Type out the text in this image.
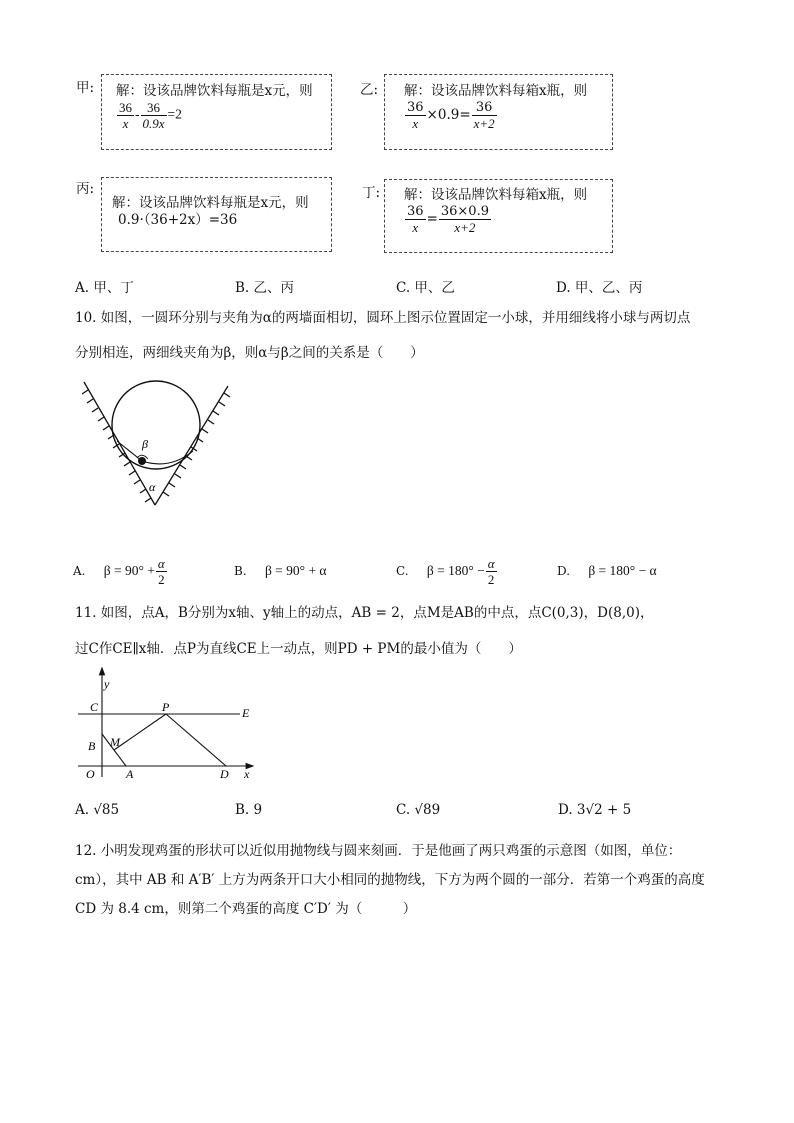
甲: 解：设该品牌饮料每瓶是x元，则
$\frac{36}{x} - \frac{36}{0.9x} =2$
乙: 解：设该品牌饮料每箱x瓶，则
$\frac{36}{x} \times 0.9= \frac{36}{x+2}$
丙:
解：设该品牌饮料每瓶是x元，则
0.9·（36+2x）=36
丁: 解：设该品牌饮料每箱x瓶，则
$\frac{36}{x} = \frac{36\times 0.9}{x+2}$
A. 甲、丁	B. 乙、丙	C. 甲、乙	D. 甲、乙、丙
10. 如图，一圆环分别与夹角为α的两墙面相切，圆环上图示位置固定一小球，并用细线将小球与两切点
分别相连，两细线夹角为β，则α与β之间的关系是（　　）
β
α
A. $\beta = 90^\circ + \frac{\alpha}{2}$	B. β = 90° + α	C. $\beta = 180^\circ - \frac{\alpha}{2}$	D. β = 180° − α
11. 如图，点A，B分别为x轴、y轴上的动点，AB = 2，点M是AB的中点，点C(0,3)，D(8,0)，
过C作CE∥x轴．点P为直线CE上一动点，则PD + PM的最小值为（　　）
y
C	P	E
B M
O	A	D x
A. √85	B. 9	C. √89	D. 3√2 + 5
12. 小明发现鸡蛋的形状可以近似用抛物线与圆来刻画．于是他画了两只鸡蛋的示意图（如图，单位：
cm），其中 AB 和 A′B′ 上方为两条开口大小相同的抛物线，下方为两个圆的一部分．若第一个鸡蛋的高度
CD 为 8.4 cm，则第二个鸡蛋的高度 C′D′ 为（　　　）
